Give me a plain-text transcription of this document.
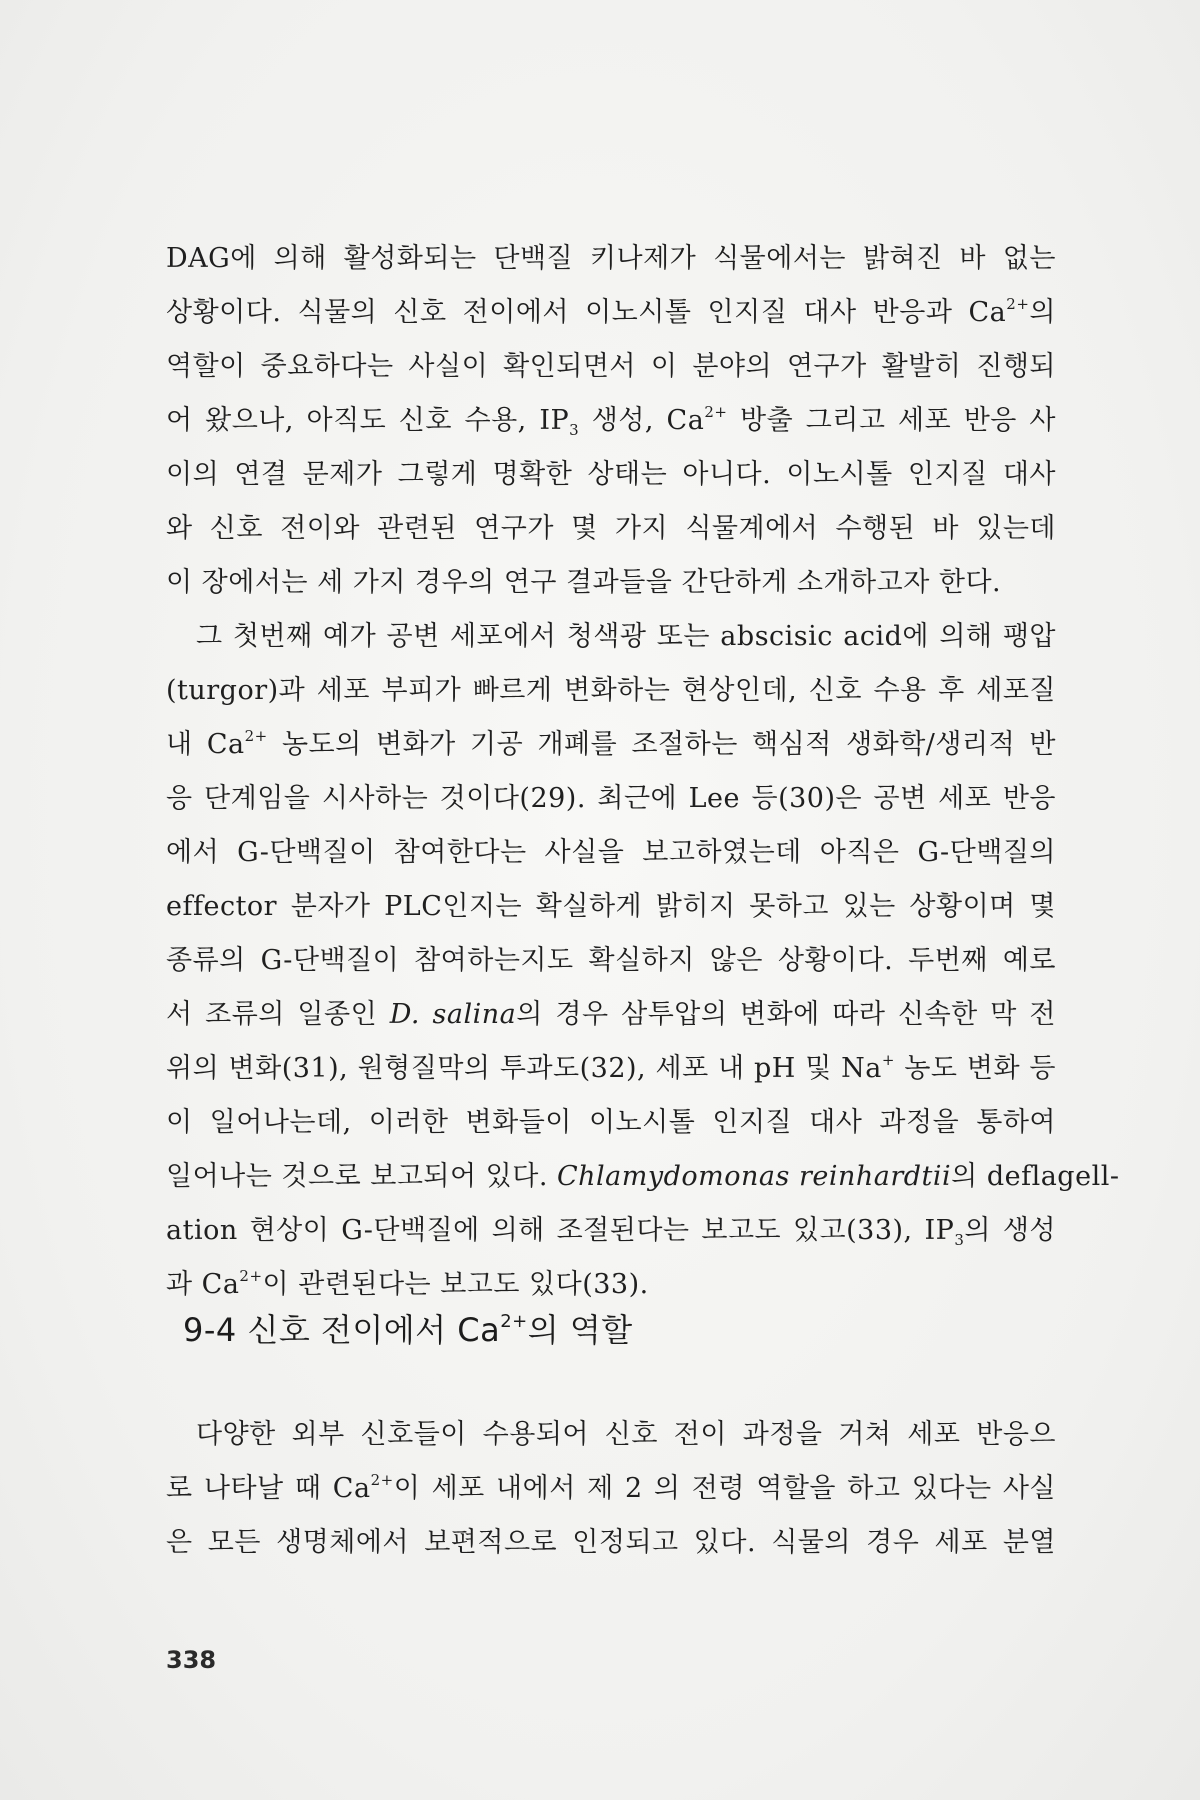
DAG에 의해 활성화되는 단백질 키나제가 식물에서는 밝혀진 바 없는
상황이다. 식물의 신호 전이에서 이노시톨 인지질 대사 반응과 $Ca^{2+}$의
역할이 중요하다는 사실이 확인되면서 이 분야의 연구가 활발히 진행되
어 왔으나, 아직도 신호 수용, $IP_3$ 생성, $Ca^{2+}$ 방출 그리고 세포 반응 사
이의 연결 문제가 그렇게 명확한 상태는 아니다. 이노시톨 인지질 대사
와 신호 전이와 관련된 연구가 몇 가지 식물계에서 수행된 바 있는데
이 장에서는 세 가지 경우의 연구 결과들을 간단하게 소개하고자 한다.
그 첫번째 예가 공변 세포에서 청색광 또는 abscisic acid에 의해 팽압
(turgor)과 세포 부피가 빠르게 변화하는 현상인데, 신호 수용 후 세포질
내 $Ca^{2+}$ 농도의 변화가 기공 개폐를 조절하는 핵심적 생화학/생리적 반
응 단계임을 시사하는 것이다(29). 최근에 Lee 등(30)은 공변 세포 반응
에서 G-단백질이 참여한다는 사실을 보고하였는데 아직은 G-단백질의
effector 분자가 PLC인지는 확실하게 밝히지 못하고 있는 상황이며 몇
종류의 G-단백질이 참여하는지도 확실하지 않은 상황이다. 두번째 예로
서 조류의 일종인 D. salina의 경우 삼투압의 변화에 따라 신속한 막 전
위의 변화(31), 원형질막의 투과도(32), 세포 내 pH 및 Na+ 농도 변화 등
이 일어나는데, 이러한 변화들이 이노시톨 인지질 대사 과정을 통하여
일어나는 것으로 보고되어 있다. Chlamydomonas reinhardtii의 deflagell-
ation 현상이 G-단백질에 의해 조절된다는 보고도 있고(33), $IP_3$의 생성
과 $Ca^{2+}$이 관련된다는 보고도 있다(33).
9-4 신호 전이에서 $Ca^{2+}$의 역할
다양한 외부 신호들이 수용되어 신호 전이 과정을 거쳐 세포 반응으
로 나타날 때 $Ca^{2+}$이 세포 내에서 제 2 의 전령 역할을 하고 있다는 사실
은 모든 생명체에서 보편적으로 인정되고 있다. 식물의 경우 세포 분열
338
